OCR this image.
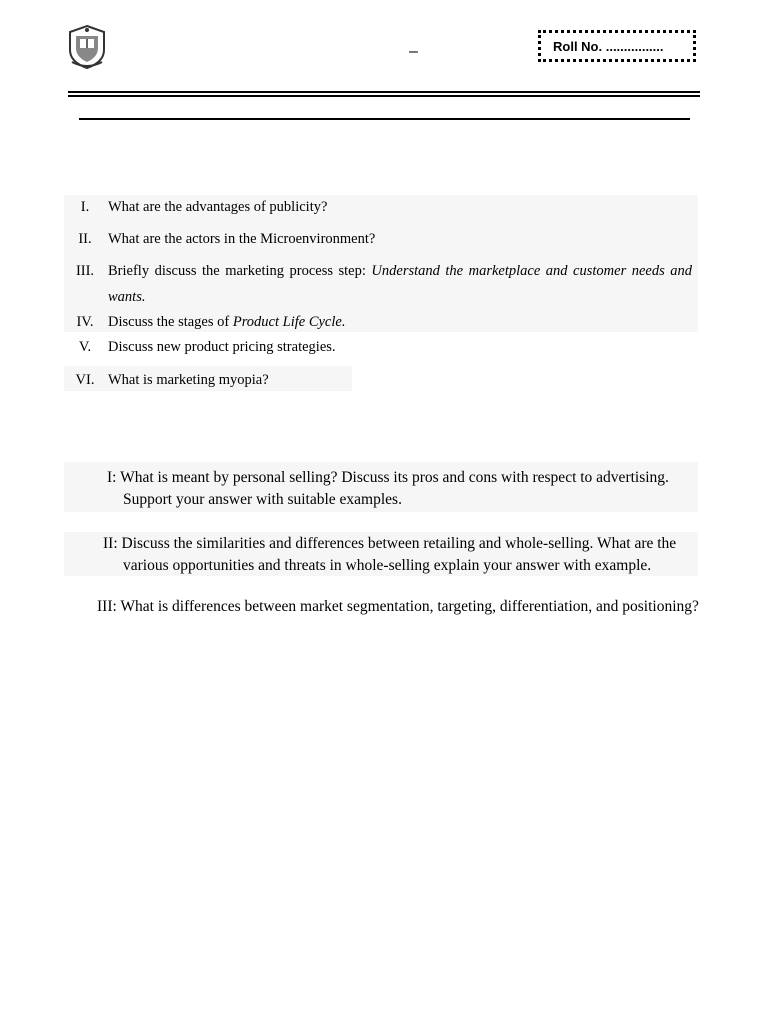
–	Roll No. ................
I.	What are the advantages of publicity?
II.	What are the actors in the Microenvironment?
III. Briefly discuss the marketing process step: Understand the marketplace and customer needs and wants.
IV. Discuss the stages of Product Life Cycle.
V.	Discuss new product pricing strategies.
VI. What is marketing myopia?
I: What is meant by personal selling? Discuss its pros and cons with respect to advertising.
Support your answer with suitable examples.
II: Discuss the similarities and differences between retailing and whole-selling. What are the
various opportunities and threats in whole-selling explain your answer with example.
III: What is differences between market segmentation, targeting, differentiation, and positioning?
